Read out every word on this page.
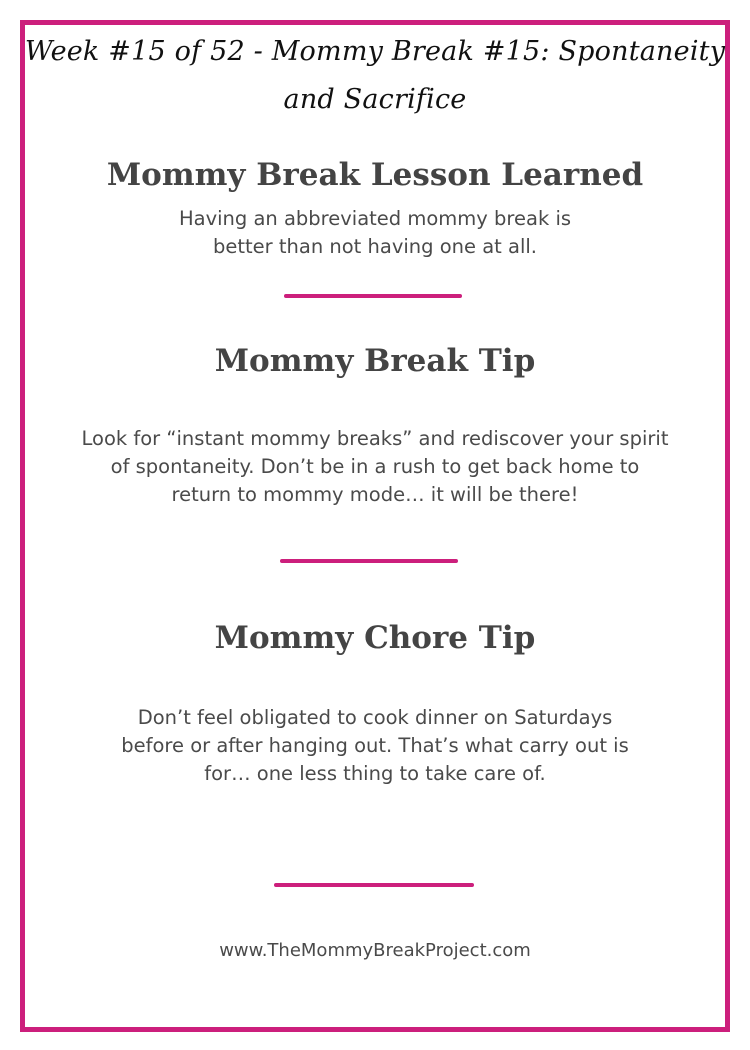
Week #15 of 52 - Mommy Break #15: Spontaneity
and Sacrifice
Mommy Break Lesson Learned
Having an abbreviated mommy break is
better than not having one at all.
Mommy Break Tip
Look for “instant mommy breaks” and rediscover your spirit
of spontaneity. Don’t be in a rush to get back home to
return to mommy mode… it will be there!
Mommy Chore Tip
Don’t feel obligated to cook dinner on Saturdays
before or after hanging out. That’s what carry out is
for… one less thing to take care of.
www.TheMommyBreakProject.com
